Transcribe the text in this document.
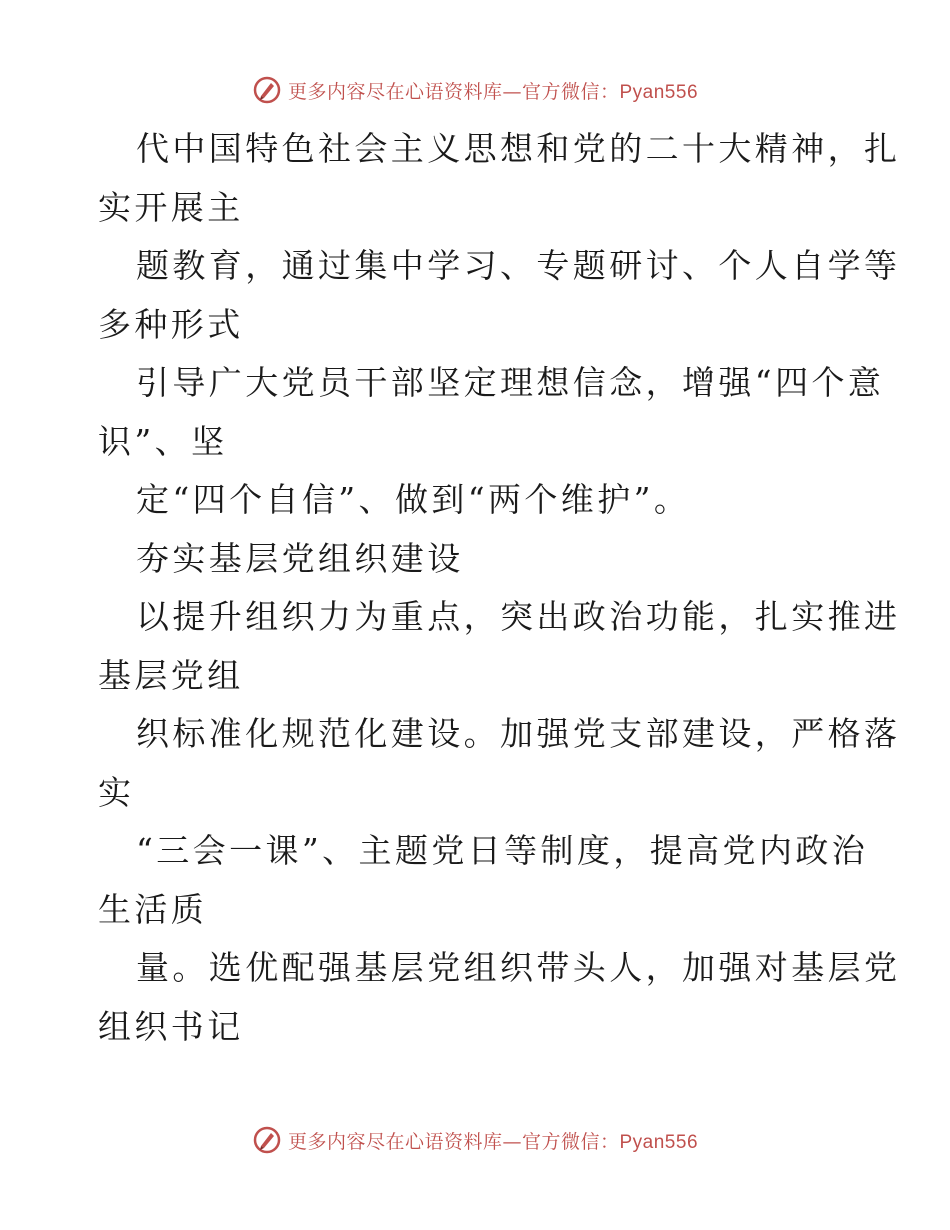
更多内容尽在心语资料库—官方微信：Pyan556
代中国特色社会主义思想和党的二十大精神，扎
实开展主
题教育，通过集中学习、专题研讨、个人自学等
多种形式
引导广大党员干部坚定理想信念，增强“四个意
识”、坚
定“四个自信”、做到“两个维护”。
夯实基层党组织建设
以提升组织力为重点，突出政治功能，扎实推进
基层党组
织标准化规范化建设。加强党支部建设，严格落
实
“三会一课”、主题党日等制度，提高党内政治
生活质
量。选优配强基层党组织带头人，加强对基层党
组织书记
更多内容尽在心语资料库—官方微信：Pyan556
